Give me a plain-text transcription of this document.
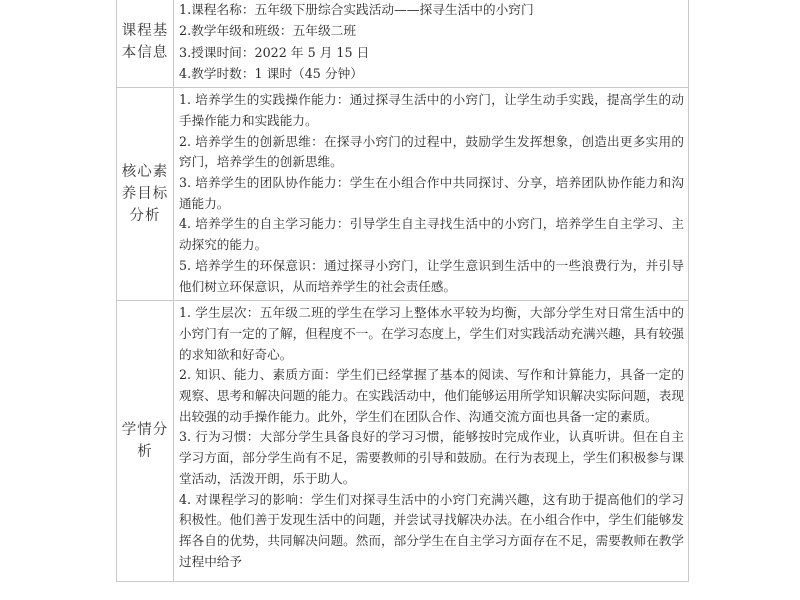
课程基本信息	1.课程名称：五年级下册综合实践活动——探寻生活中的小窍门

2.教学年级和班级：五年级二班

3.授课时间：2022 年 5 月 15 日

4.教学时数：1 课时（45 分钟）

核心素养目标分析	1. 培养学生的实践操作能力：通过探寻生活中的小窍门，让学生动手实践，提高学生的动手操作能力和实践能力。

2. 培养学生的创新思维：在探寻小窍门的过程中，鼓励学生发挥想象，创造出更多实用的窍门，培养学生的创新思维。

3. 培养学生的团队协作能力：学生在小组合作中共同探讨、分享，培养团队协作能力和沟通能力。

4. 培养学生的自主学习能力：引导学生自主寻找生活中的小窍门，培养学生自主学习、主动探究的能力。

5. 培养学生的环保意识：通过探寻小窍门，让学生意识到生活中的一些浪费行为，并引导他们树立环保意识，从而培养学生的社会责任感。

学情分析	1. 学生层次：五年级二班的学生在学习上整体水平较为均衡，大部分学生对日常生活中的小窍门有一定的了解，但程度不一。在学习态度上，学生们对实践活动充满兴趣，具有较强的求知欲和好奇心。

2. 知识、能力、素质方面：学生们已经掌握了基本的阅读、写作和计算能力，具备一定的观察、思考和解决问题的能力。在实践活动中，他们能够运用所学知识解决实际问题，表现出较强的动手操作能力。此外，学生们在团队合作、沟通交流方面也具备一定的素质。

3. 行为习惯：大部分学生具备良好的学习习惯，能够按时完成作业，认真听讲。但在自主学习方面，部分学生尚有不足，需要教师的引导和鼓励。在行为表现上，学生们积极参与课堂活动，活泼开朗，乐于助人。

4. 对课程学习的影响：学生们对探寻生活中的小窍门充满兴趣，这有助于提高他们的学习积极性。他们善于发现生活中的问题，并尝试寻找解决办法。在小组合作中，学生们能够发挥各自的优势，共同解决问题。然而，部分学生在自主学习方面存在不足，需要教师在教学过程中给予
